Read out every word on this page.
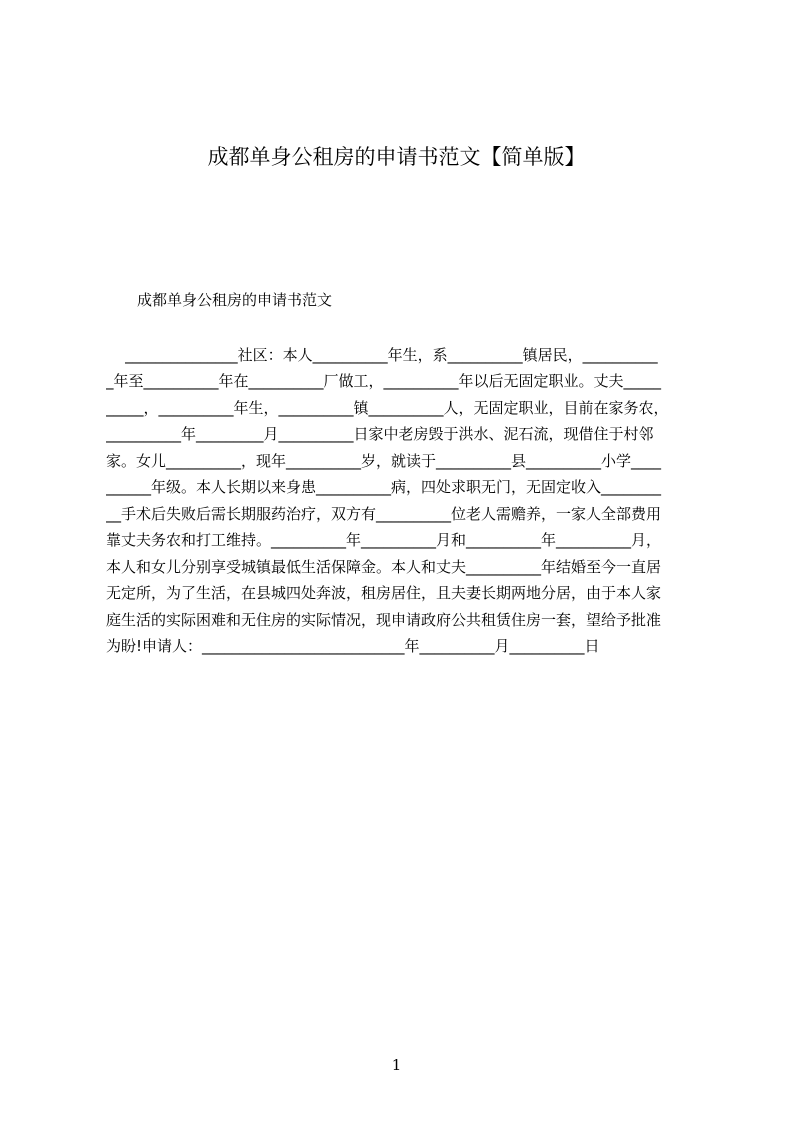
成都单身公租房的申请书范文【简单版】
成都单身公租房的申请书范文
_______________社区：本人__________年生，系__________镇居民，__________
_年至__________年在__________厂做工，__________年以后无固定职业。丈夫_____
_____，__________年生，__________镇__________人，无固定职业，目前在家务农，
__________年_________月__________日家中老房毁于洪水、泥石流，现借住于村邻
家。女儿__________，现年__________岁，就读于__________县__________小学____
______年级。本人长期以来身患__________病，四处求职无门，无固定收入________
__手术后失败后需长期服药治疗，双方有__________位老人需赡养，一家人全部费用
靠丈夫务农和打工维持。__________年__________月和__________年__________月，
本人和女儿分别享受城镇最低生活保障金。本人和丈夫__________年结婚至今一直居
无定所，为了生活，在县城四处奔波，租房居住，且夫妻长期两地分居，由于本人家
庭生活的实际困难和无住房的实际情况，现申请政府公共租赁住房一套，望给予批准
为盼!申请人：___________________________年__________月__________日
1
